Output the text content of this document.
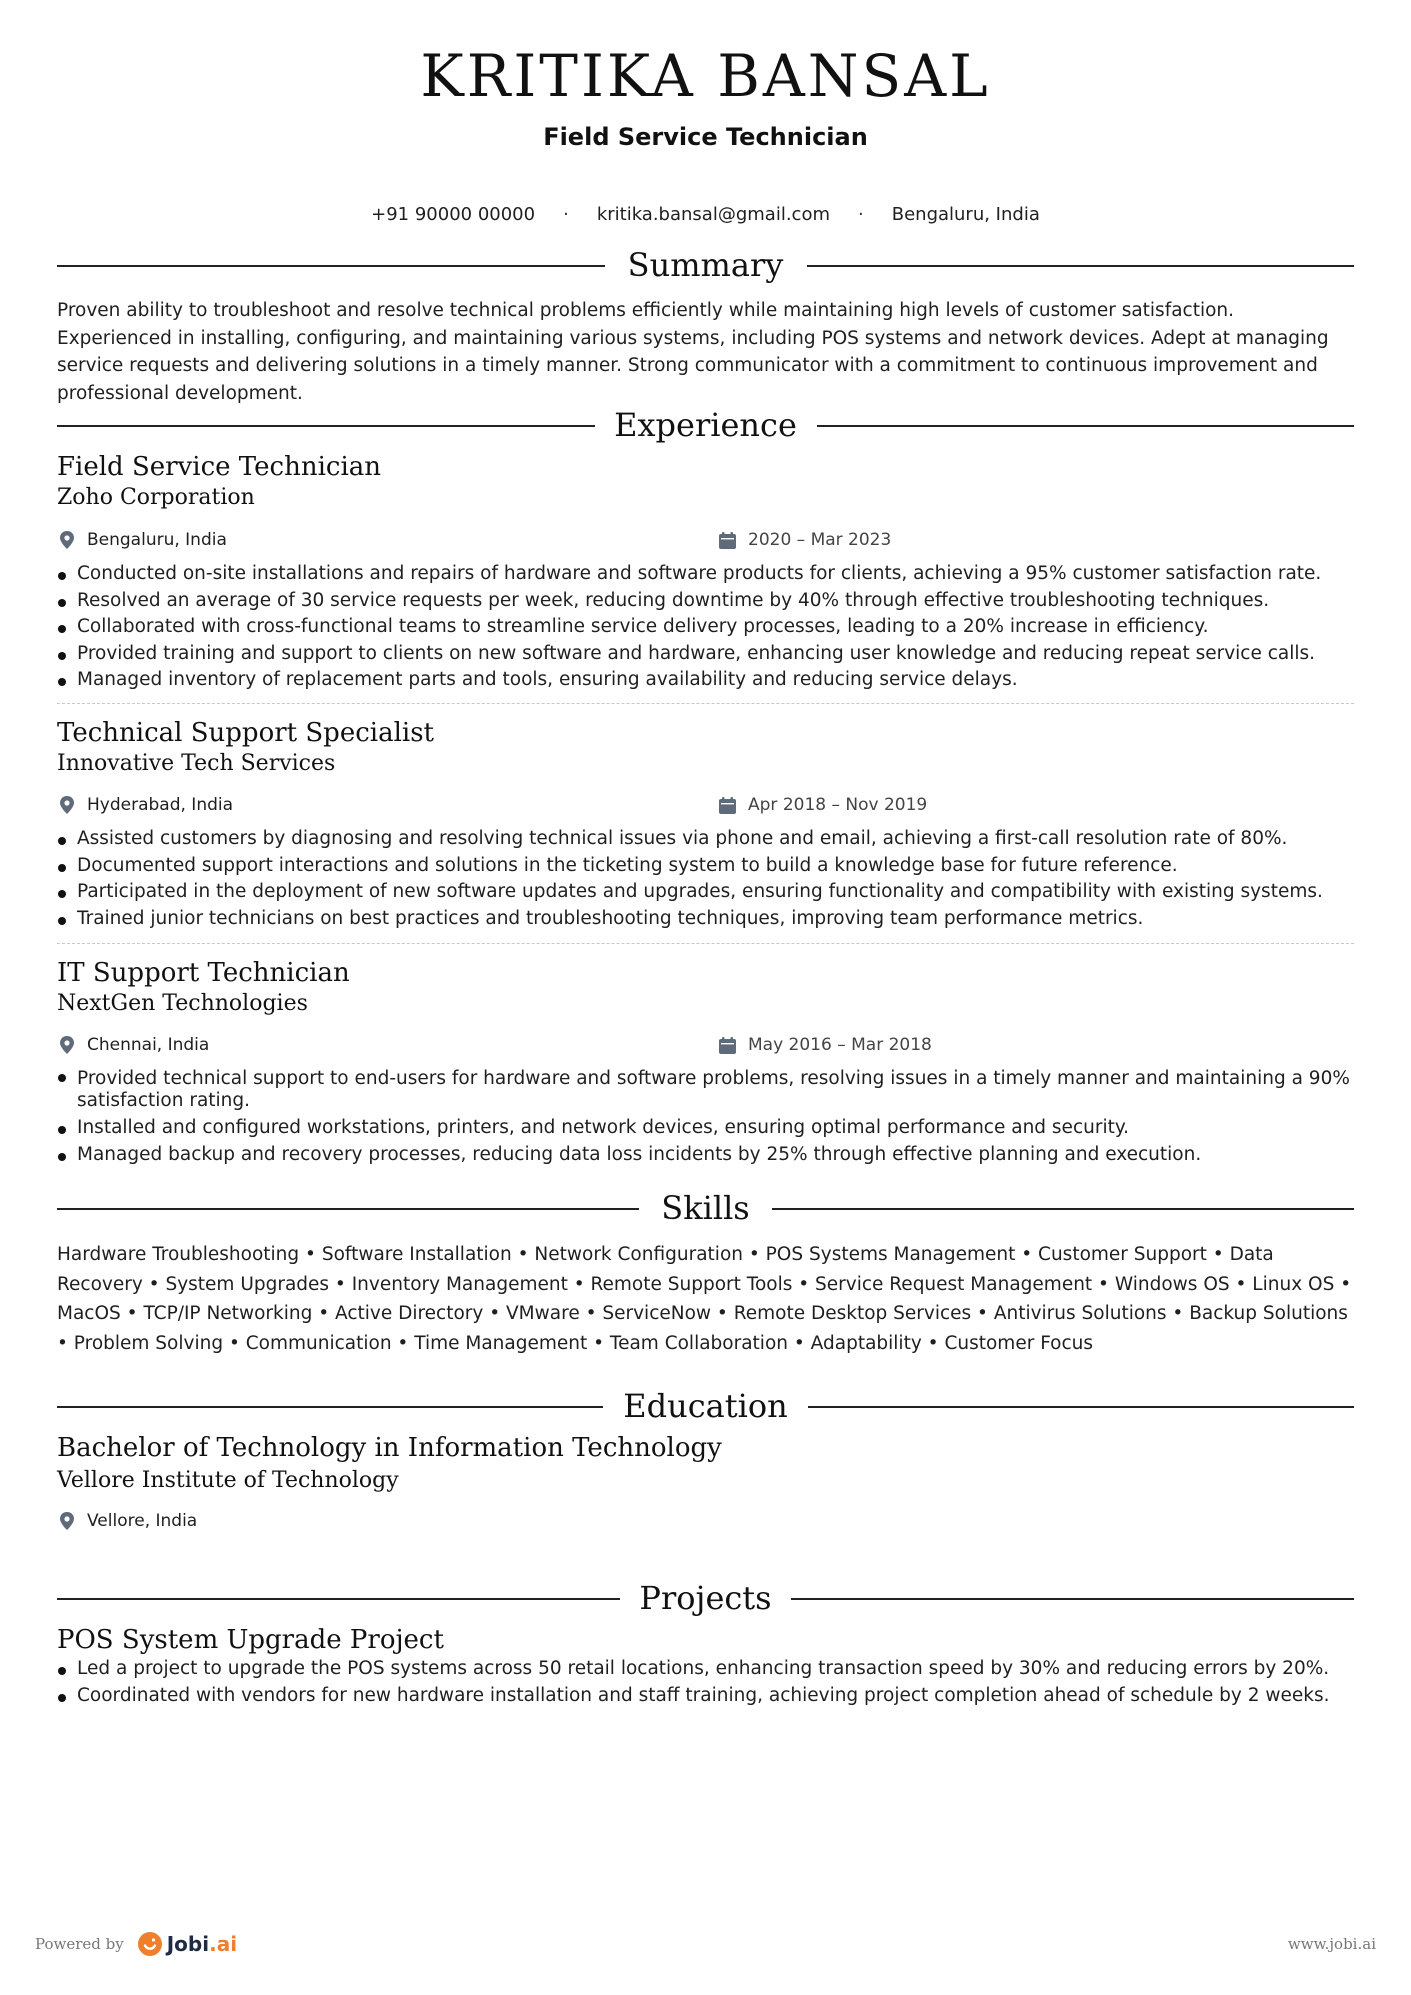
KRITIKA BANSAL
Field Service Technician
+91 90000 00000 · kritika.bansal@gmail.com · Bengaluru, India
Summary

Proven ability to troubleshoot and resolve technical problems efficiently while maintaining high levels of customer satisfaction. Experienced in installing, configuring, and maintaining various systems, including POS systems and network devices. Adept at managing service requests and delivering solutions in a timely manner. Strong communicator with a commitment to continuous improvement and professional development.

Experience
Field Service Technician
Zoho Corporation
Bengaluru, India	2020 – Mar 2023
Conducted on-site installations and repairs of hardware and software products for clients, achieving a 95% customer satisfaction rate.
Resolved an average of 30 service requests per week, reducing downtime by 40% through effective troubleshooting techniques.
Collaborated with cross-functional teams to streamline service delivery processes, leading to a 20% increase in efficiency.
Provided training and support to clients on new software and hardware, enhancing user knowledge and reducing repeat service calls.
Managed inventory of replacement parts and tools, ensuring availability and reducing service delays.
Technical Support Specialist
Innovative Tech Services
Hyderabad, India	Apr 2018 – Nov 2019
Assisted customers by diagnosing and resolving technical issues via phone and email, achieving a first-call resolution rate of 80%.
Documented support interactions and solutions in the ticketing system to build a knowledge base for future reference.
Participated in the deployment of new software updates and upgrades, ensuring functionality and compatibility with existing systems.
Trained junior technicians on best practices and troubleshooting techniques, improving team performance metrics.
IT Support Technician
NextGen Technologies
Chennai, India	May 2016 – Mar 2018
Provided technical support to end-users for hardware and software problems, resolving issues in a timely manner and maintaining a 90% satisfaction rating.
Installed and configured workstations, printers, and network devices, ensuring optimal performance and security.
Managed backup and recovery processes, reducing data loss incidents by 25% through effective planning and execution.
Skills

Hardware Troubleshooting • Software Installation • Network Configuration • POS Systems Management • Customer Support • Data Recovery • System Upgrades • Inventory Management • Remote Support Tools • Service Request Management • Windows OS • Linux OS • MacOS • TCP/IP Networking • Active Directory • VMware • ServiceNow • Remote Desktop Services • Antivirus Solutions • Backup Solutions • Problem Solving • Communication • Time Management • Team Collaboration • Adaptability • Customer Focus

Education
Bachelor of Technology in Information Technology
Vellore Institute of Technology
Vellore, India
Projects
POS System Upgrade Project
Led a project to upgrade the POS systems across 50 retail locations, enhancing transaction speed by 30% and reducing errors by 20%.
Coordinated with vendors for new hardware installation and staff training, achieving project completion ahead of schedule by 2 weeks.
Powered by Jobi .ai	www.jobi.ai
